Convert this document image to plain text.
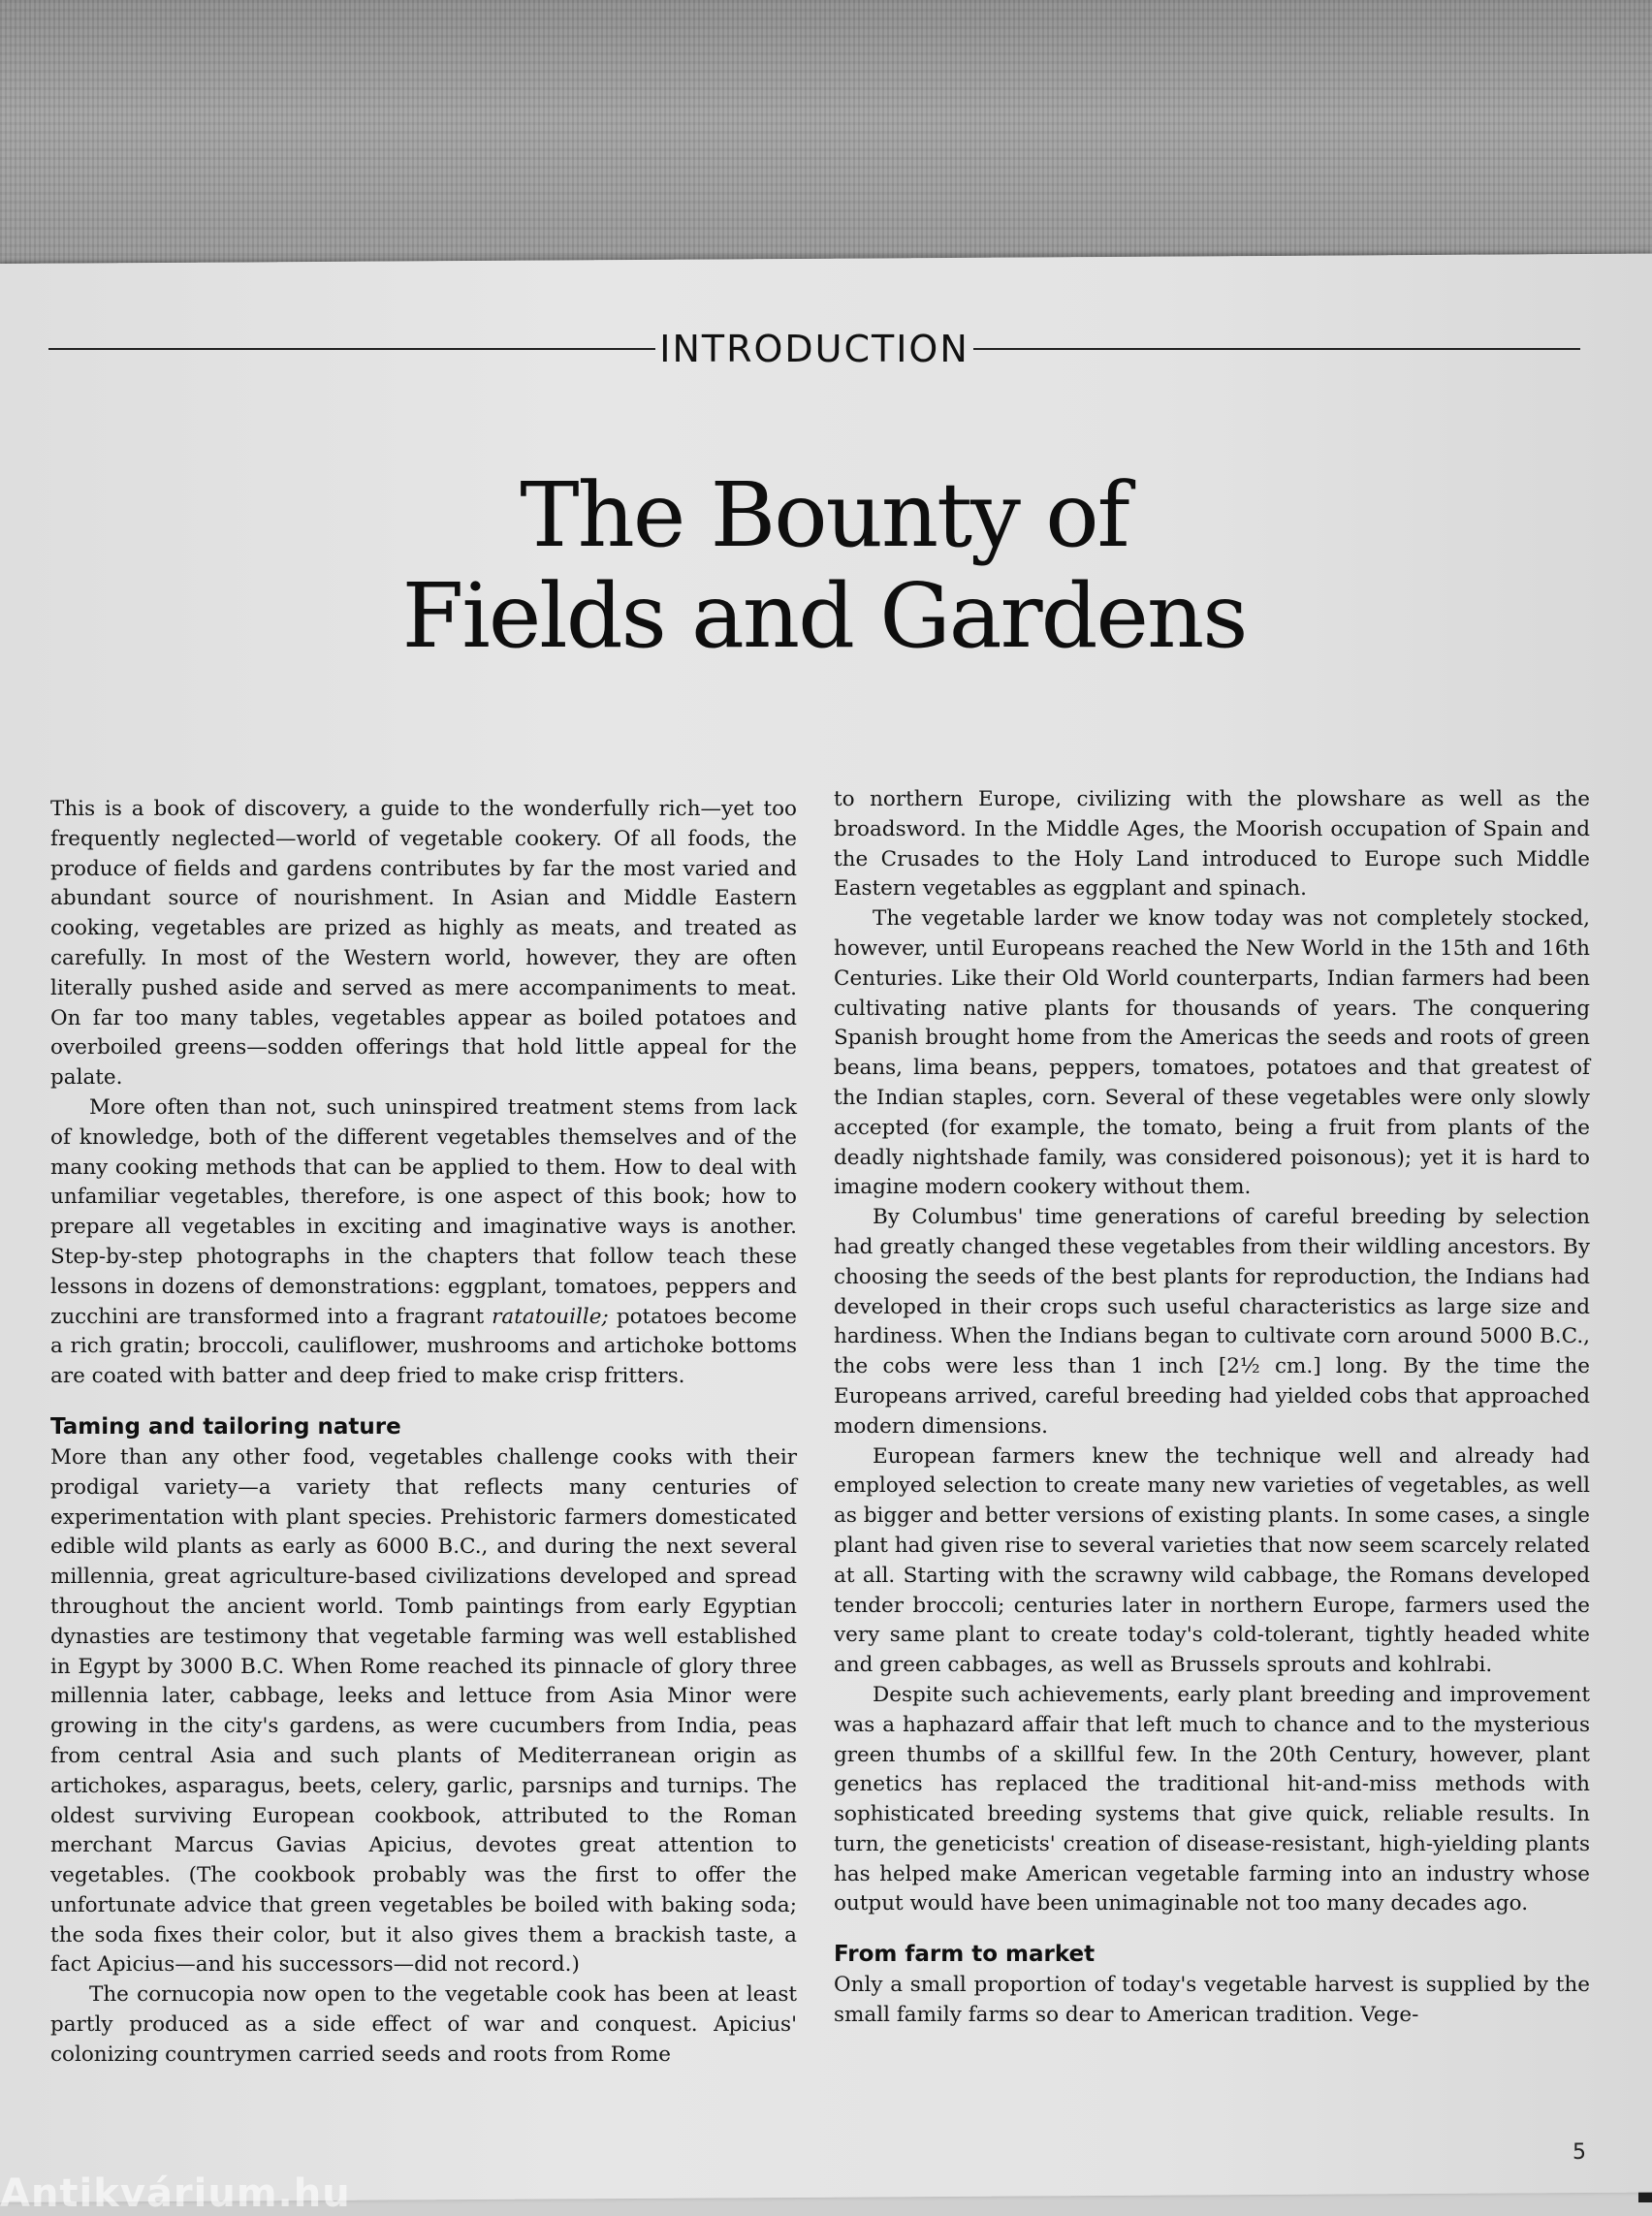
INTRODUCTION
The Bounty of
Fields and Gardens

This is a book of discovery, a guide to the wonderfully rich—yet too frequently neglected—world of vegetable cookery. Of all foods, the produce of fields and gardens contributes by far the most varied and abundant source of nourishment. In Asian and Middle Eastern cooking, vegetables are prized as highly as meats, and treated as carefully. In most of the Western world, however, they are often literally pushed aside and served as mere accompaniments to meat. On far too many tables, vegetables appear as boiled potatoes and overboiled greens—sodden offerings that hold little appeal for the palate.

More often than not, such uninspired treatment stems from lack of knowledge, both of the different vegetables themselves and of the many cooking methods that can be applied to them. How to deal with unfamiliar vegetables, therefore, is one aspect of this book; how to prepare all vegetables in exciting and imaginative ways is another. Step-by-step photographs in the chapters that follow teach these lessons in dozens of demonstrations: eggplant, tomatoes, peppers and zucchini are transformed into a fragrant ratatouille; potatoes become a rich gratin; broccoli, cauliflower, mushrooms and artichoke bottoms are coated with batter and deep fried to make crisp fritters.

Taming and tailoring nature

More than any other food, vegetables challenge cooks with their prodigal variety—a variety that reflects many centuries of experimentation with plant species. Prehistoric farmers domesticated edible wild plants as early as 6000 B.C., and during the next several millennia, great agriculture-based civilizations developed and spread throughout the ancient world. Tomb paintings from early Egyptian dynasties are testimony that vegetable farming was well established in Egypt by 3000 B.C. When Rome reached its pinnacle of glory three millennia later, cabbage, leeks and lettuce from Asia Minor were growing in the city's gardens, as were cucumbers from India, peas from central Asia and such plants of Mediterranean origin as artichokes, asparagus, beets, celery, garlic, parsnips and turnips. The oldest surviving European cookbook, attributed to the Roman merchant Marcus Gavias Apicius, devotes great attention to vegetables. (The cookbook probably was the first to offer the unfortunate advice that green vegetables be boiled with baking soda; the soda fixes their color, but it also gives them a brackish taste, a fact Apicius—and his successors—did not record.)

The cornucopia now open to the vegetable cook has been at least partly produced as a side effect of war and conquest. Apicius' colonizing countrymen carried seeds and roots from Rome

to northern Europe, civilizing with the plowshare as well as the broadsword. In the Middle Ages, the Moorish occupation of Spain and the Crusades to the Holy Land introduced to Europe such Middle Eastern vegetables as eggplant and spinach.

The vegetable larder we know today was not completely stocked, however, until Europeans reached the New World in the 15th and 16th Centuries. Like their Old World counterparts, Indian farmers had been cultivating native plants for thousands of years. The conquering Spanish brought home from the Americas the seeds and roots of green beans, lima beans, peppers, tomatoes, potatoes and that greatest of the Indian staples, corn. Several of these vegetables were only slowly accepted (for example, the tomato, being a fruit from plants of the deadly nightshade family, was considered poisonous); yet it is hard to imagine modern cookery without them.

By Columbus' time generations of careful breeding by selection had greatly changed these vegetables from their wildling ancestors. By choosing the seeds of the best plants for reproduction, the Indians had developed in their crops such useful characteristics as large size and hardiness. When the Indians began to cultivate corn around 5000 B.C., the cobs were less than 1 inch [2½ cm.] long. By the time the Europeans arrived, careful breeding had yielded cobs that approached modern dimensions.

European farmers knew the technique well and already had employed selection to create many new varieties of vegetables, as well as bigger and better versions of existing plants. In some cases, a single plant had given rise to several varieties that now seem scarcely related at all. Starting with the scrawny wild cabbage, the Romans developed tender broccoli; centuries later in northern Europe, farmers used the very same plant to create today's cold-tolerant, tightly headed white and green cabbages, as well as Brussels sprouts and kohlrabi.

Despite such achievements, early plant breeding and improvement was a haphazard affair that left much to chance and to the mysterious green thumbs of a skillful few. In the 20th Century, however, plant genetics has replaced the traditional hit-and-miss methods with sophisticated breeding systems that give quick, reliable results. In turn, the geneticists' creation of disease-resistant, high-yielding plants has helped make American vegetable farming into an industry whose output would have been unimaginable not too many decades ago.

From farm to market

Only a small proportion of today's vegetable harvest is supplied by the small family farms so dear to American tradition. Vege-

5
Antikvárium.hu
